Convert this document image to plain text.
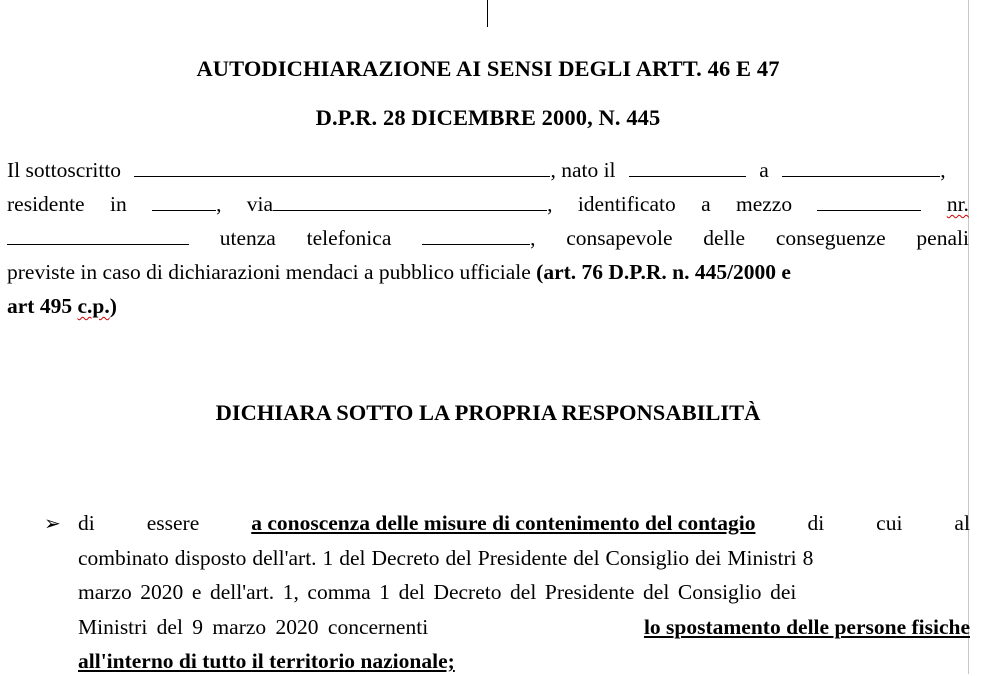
AUTODICHIARAZIONE AI SENSI DEGLI ARTT. 46 E 47
D.P.R. 28 DICEMBRE 2000, N. 445
Il sottoscritto	, nato il	a	,
residente in	, via	, identificato a mezzo	nr.
utenza telefonica	, consapevole delle conseguenze penali
previste in caso di dichiarazioni mendaci a pubblico ufficiale (art. 76 D.P.R. n. 445/2000 e
art 495 c.p.)
DICHIARA SOTTO LA PROPRIA RESPONSABILITÀ
➢ di essere a conoscenza delle misure di contenimento del contagio di cui al
combinato disposto dell'art. 1 del Decreto del Presidente del Consiglio dei Ministri 8
marzo 2020 e dell'art. 1, comma 1 del Decreto del Presidente del Consiglio dei
Ministri del 9 marzo 2020 concernenti	lo spostamento delle persone fisiche
all'interno di tutto il territorio nazionale;
